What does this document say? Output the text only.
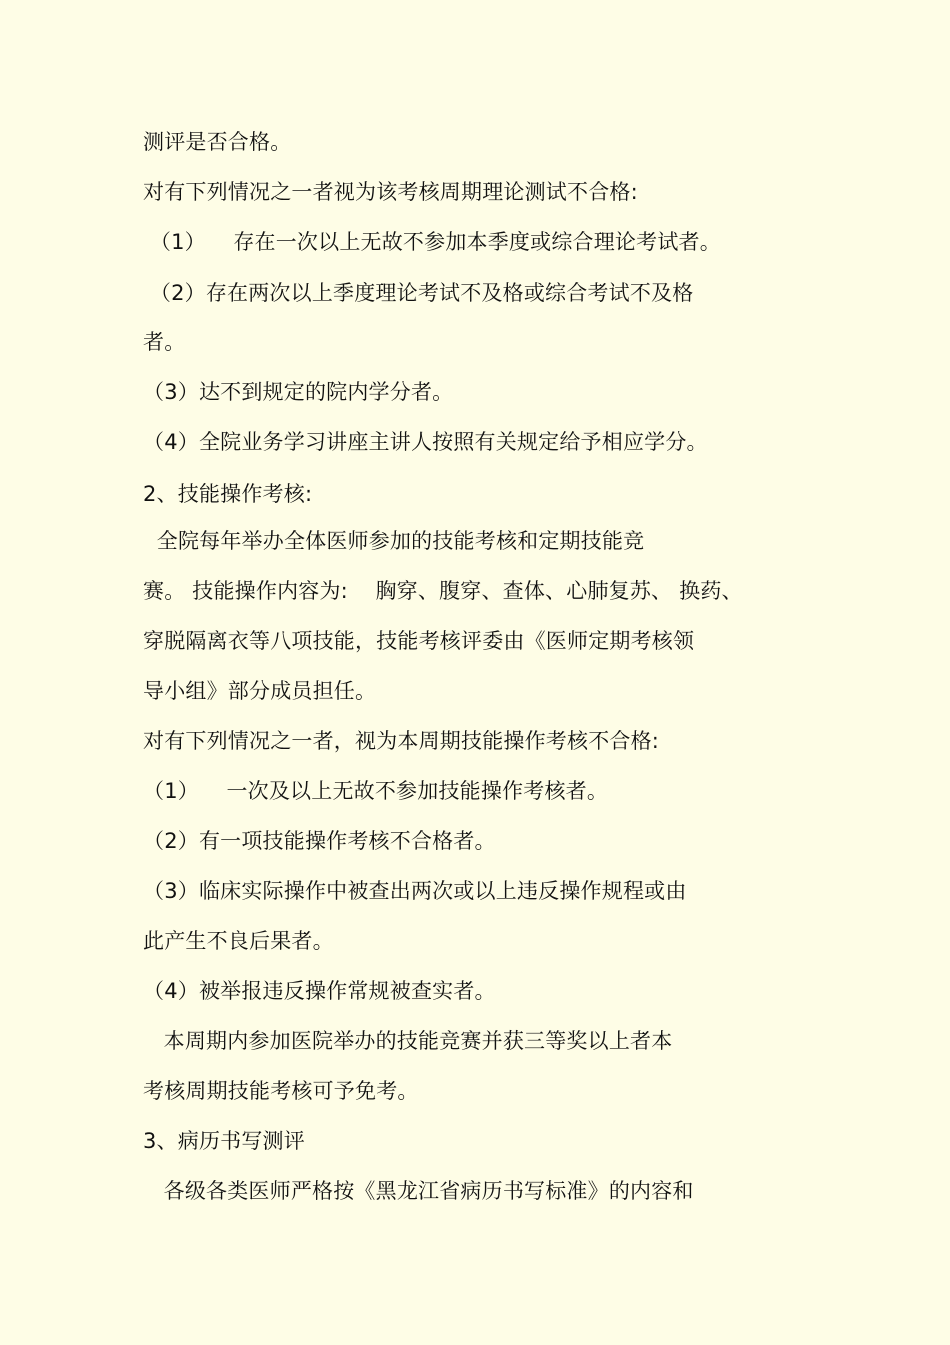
测评是否合格。
对有下列情况之一者视为该考核周期理论测试不合格:
（1）    存在一次以上无故不参加本季度或综合理论考试者。
（2）存在两次以上季度理论考试不及格或综合考试不及格
者。
（3）达不到规定的院内学分者。
（4）全院业务学习讲座主讲人按照有关规定给予相应学分。
2、技能操作考核:
全院每年举办全体医师参加的技能考核和定期技能竞
赛。 技能操作内容为:    胸穿、腹穿、查体、心肺复苏、 换药、
穿脱隔离衣等八项技能，技能考核评委由《医师定期考核领
导小组》部分成员担任。
对有下列情况之一者，视为本周期技能操作考核不合格:
（1）    一次及以上无故不参加技能操作考核者。
（2）有一项技能操作考核不合格者。
（3）临床实际操作中被查出两次或以上违反操作规程或由
此产生不良后果者。
（4）被举报违反操作常规被查实者。
本周期内参加医院举办的技能竞赛并获三等奖以上者本
考核周期技能考核可予免考。
3、病历书写测评
各级各类医师严格按《黑龙江省病历书写标准》的内容和
